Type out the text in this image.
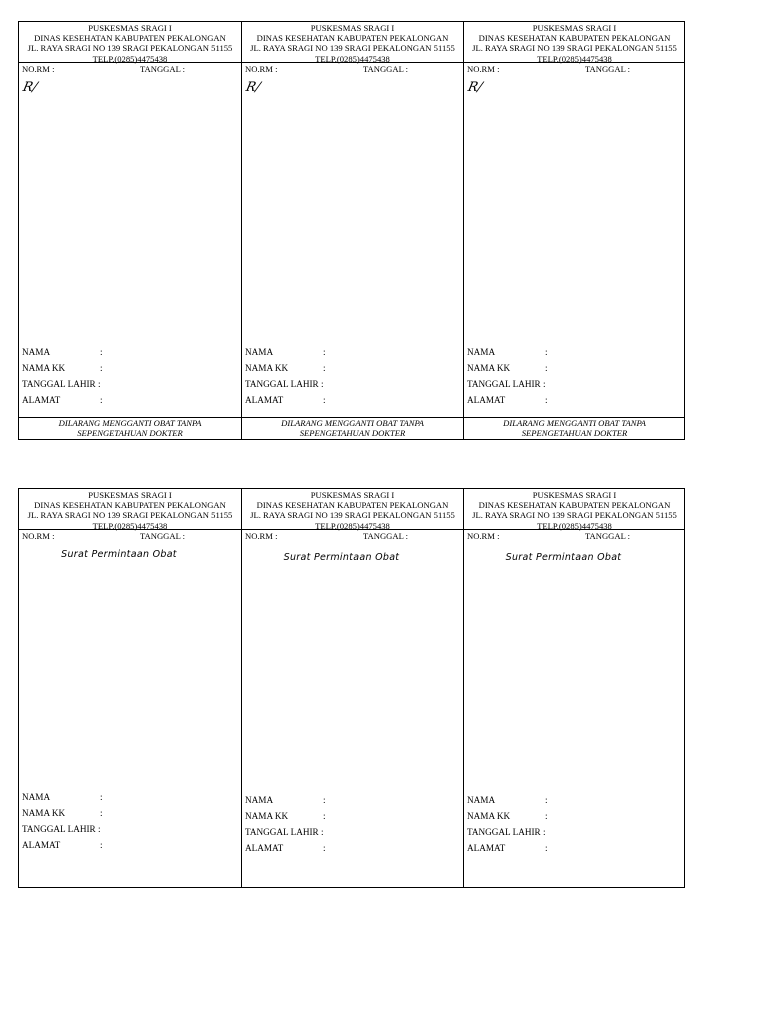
PUSKESMAS SRAGI I
DINAS KESEHATAN KABUPATEN PEKALONGAN
JL. RAYA SRAGI NO 139 SRAGI PEKALONGAN 51155
TELP.(0285)4475438
NO.RM :	TANGGAL :
R/
NAMA	:
NAMA KK	:
TANGGAL LAHIR :
ALAMAT	:
DILARANG MENGGANTI OBAT TANPA
SEPENGETAHUAN DOKTER
PUSKESMAS SRAGI I
DINAS KESEHATAN KABUPATEN PEKALONGAN
JL. RAYA SRAGI NO 139 SRAGI PEKALONGAN 51155
TELP.(0285)4475438
NO.RM :	TANGGAL :
R/
NAMA	:
NAMA KK	:
TANGGAL LAHIR :
ALAMAT	:
DILARANG MENGGANTI OBAT TANPA
SEPENGETAHUAN DOKTER
PUSKESMAS SRAGI I
DINAS KESEHATAN KABUPATEN PEKALONGAN
JL. RAYA SRAGI NO 139 SRAGI PEKALONGAN 51155
TELP.(0285)4475438
NO.RM :	TANGGAL :
R/
NAMA	:
NAMA KK	:
TANGGAL LAHIR :
ALAMAT	:
DILARANG MENGGANTI OBAT TANPA
SEPENGETAHUAN DOKTER
PUSKESMAS SRAGI I
DINAS KESEHATAN KABUPATEN PEKALONGAN
JL. RAYA SRAGI NO 139 SRAGI PEKALONGAN 51155
TELP.(0285)4475438
NO.RM :	TANGGAL :
Surat Permintaan Obat
NAMA	:
NAMA KK	:
TANGGAL LAHIR :
ALAMAT	:
PUSKESMAS SRAGI I
DINAS KESEHATAN KABUPATEN PEKALONGAN
JL. RAYA SRAGI NO 139 SRAGI PEKALONGAN 51155
TELP.(0285)4475438
NO.RM :	TANGGAL :
Surat Permintaan Obat
NAMA	:
NAMA KK	:
TANGGAL LAHIR :
ALAMAT	:
PUSKESMAS SRAGI I
DINAS KESEHATAN KABUPATEN PEKALONGAN
JL. RAYA SRAGI NO 139 SRAGI PEKALONGAN 51155
TELP.(0285)4475438
NO.RM :	TANGGAL :
Surat Permintaan Obat
NAMA	:
NAMA KK	:
TANGGAL LAHIR :
ALAMAT	:
